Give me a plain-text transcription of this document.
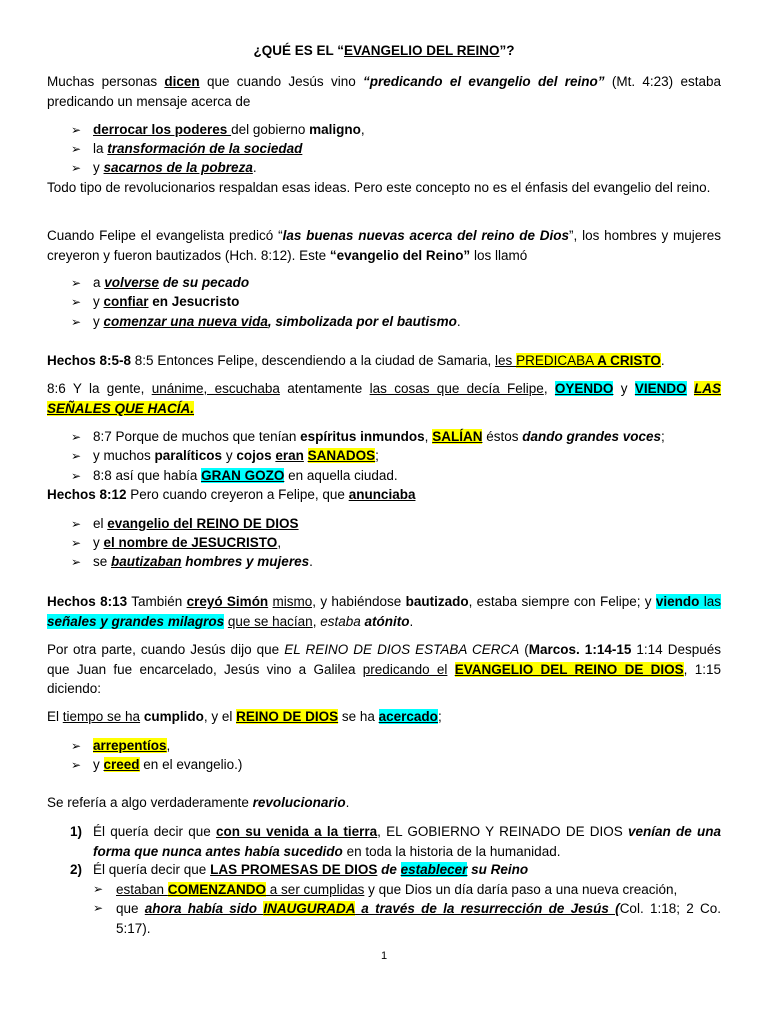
¿QUÉ ES EL “EVANGELIO DEL REINO”?
Muchas personas dicen que cuando Jesús vino “predicando el evangelio del reino” (Mt. 4:23) estaba predicando un mensaje acerca de
➢ derrocar los poderes del gobierno maligno,
➢ la transformación de la sociedad
➢ y sacarnos de la pobreza.
Todo tipo de revolucionarios respaldan esas ideas. Pero este concepto no es el énfasis del evangelio del reino.
Cuando Felipe el evangelista predicó “las buenas nuevas acerca del reino de Dios”, los hombres y mujeres creyeron y fueron bautizados (Hch. 8:12). Este “evangelio del Reino” los llamó
➢ a volverse de su pecado
➢ y confiar en Jesucristo
➢ y comenzar una nueva vida, simbolizada por el bautismo.
Hechos 8:5-8 8:5 Entonces Felipe, descendiendo a la ciudad de Samaria, les PREDICABA A CRISTO.
8:6 Y la gente, unánime, escuchaba atentamente las cosas que decía Felipe, OYENDO y VIENDO LAS SEÑALES QUE HACÍA.
➢ 8:7 Porque de muchos que tenían espíritus inmundos, SALÍAN éstos dando grandes voces;
➢ y muchos paralíticos y cojos eran SANADOS;
➢ 8:8 así que había GRAN GOZO en aquella ciudad.
Hechos 8:12 Pero cuando creyeron a Felipe, que anunciaba
➢ el evangelio del REINO DE DIOS
➢ y el nombre de JESUCRISTO,
➢ se bautizaban hombres y mujeres.
Hechos 8:13 También creyó Simón mismo, y habiéndose bautizado, estaba siempre con Felipe; y viendo las señales y grandes milagros que se hacían, estaba atónito.
Por otra parte, cuando Jesús dijo que EL REINO DE DIOS ESTABA CERCA (Marcos. 1:14-15 1:14 Después que Juan fue encarcelado, Jesús vino a Galilea predicando el EVANGELIO DEL REINO DE DIOS, 1:15 diciendo:
El tiempo se ha cumplido, y el REINO DE DIOS se ha acercado;
➢ arrepentíos,
➢ y creed en el evangelio.)
Se refería a algo verdaderamente revolucionario.
1) Él quería decir que con su venida a la tierra, EL GOBIERNO Y REINADO DE DIOS venían de una forma que nunca antes había sucedido en toda la historia de la humanidad.
2) Él quería decir que LAS PROMESAS DE DIOS de establecer su Reino
➢ estaban COMENZANDO a ser cumplidas y que Dios un día daría paso a una nueva creación,
➢ que ahora había sido INAUGURADA a través de la resurrección de Jesús (Col. 1:18; 2 Co. 5:17).
1
